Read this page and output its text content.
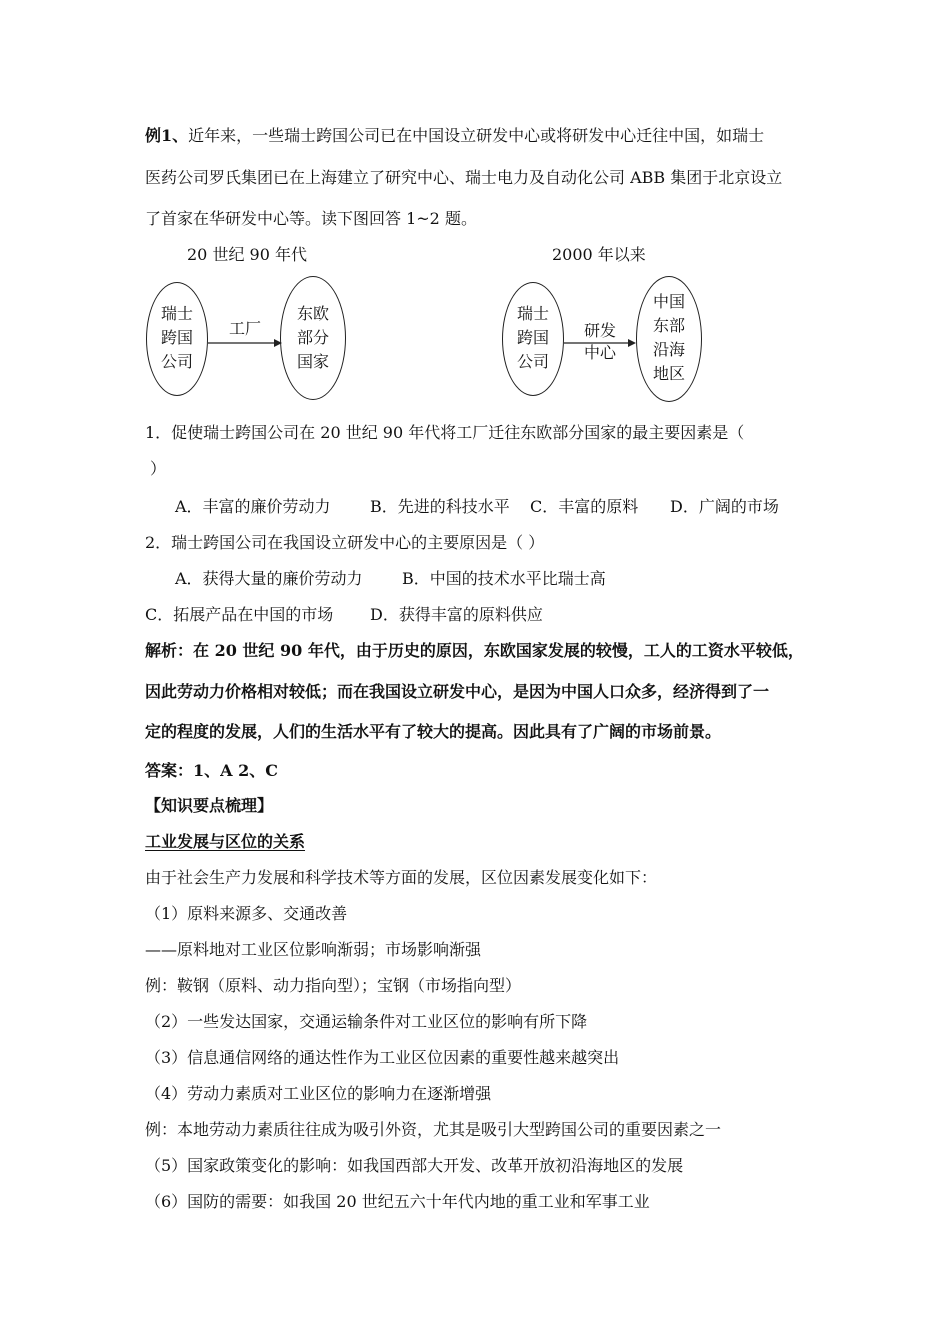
例1、近年来，一些瑞士跨国公司已在中国设立研发中心或将研发中心迁往中国，如瑞士
医药公司罗氏集团已在上海建立了研究中心、瑞士电力及自动化公司 ABB 集团于北京设立
了首家在华研发中心等。读下图回答 1~2 题。
20 世纪 90 年代	2000 年以来
瑞士
跨国
公司
工厂
东欧
部分
国家
瑞士
跨国
公司
研发
中心
中国
东部
沿海
地区
1．促使瑞士跨国公司在 20 世纪 90 年代将工厂迁往东欧部分国家的最主要因素是（
）
A．丰富的廉价劳动力 B．先进的科技水平 C．丰富的原料 D．广阔的市场
2．瑞士跨国公司在我国设立研发中心的主要原因是（ ）
A．获得大量的廉价劳动力 B．中国的技术水平比瑞士高
C．拓展产品在中国的市场 D．获得丰富的原料供应
解析：在 20 世纪 90 年代，由于历史的原因，东欧国家发展的较慢，工人的工资水平较低，
因此劳动力价格相对较低；而在我国设立研发中心，是因为中国人口众多，经济得到了一
定的程度的发展，人们的生活水平有了较大的提高。因此具有了广阔的市场前景。
答案：1、A 2、C
【知识要点梳理】
工业发展与区位的关系
由于社会生产力发展和科学技术等方面的发展，区位因素发展变化如下：
（1）原料来源多、交通改善
——原料地对工业区位影响渐弱；市场影响渐强
例：鞍钢（原料、动力指向型）；宝钢（市场指向型）
（2）一些发达国家，交通运输条件对工业区位的影响有所下降
（3）信息通信网络的通达性作为工业区位因素的重要性越来越突出
（4）劳动力素质对工业区位的影响力在逐渐增强
例：本地劳动力素质往往成为吸引外资，尤其是吸引大型跨国公司的重要因素之一
（5）国家政策变化的影响：如我国西部大开发、改革开放初沿海地区的发展
（6）国防的需要：如我国 20 世纪五六十年代内地的重工业和军事工业
